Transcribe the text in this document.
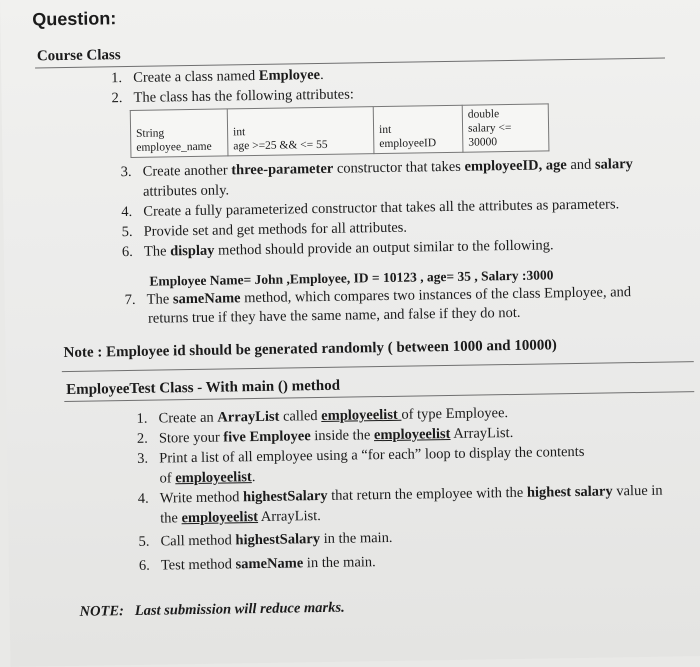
Question:
Course Class
1. Create a class named Employee.
2. The class has the following attributes:
String
employee_name

int
age >=25 && <= 55

int
employeeID

double
salary <=
30000
3. Create another three-parameter constructor that takes employeeID, age and salary
attributes only.
4. Create a fully parameterized constructor that takes all the attributes as parameters.
5. Provide set and get methods for all attributes.
6. The display method should provide an output similar to the following.
Employee Name= John ,Employee, ID = 10123 , age= 35 , Salary :3000
7. The sameName method, which compares two instances of the class Employee, and
returns true if they have the same name, and false if they do not.
Note : Employee id should be generated randomly ( between 1000 and 10000)
EmployeeTest Class - With main () method
1. Create an ArrayList called employeelist of type Employee.
2. Store your five Employee inside the employeelist ArrayList.
3. Print a list of all employee using a “for each” loop to display the contents
of employeelist.
4. Write method highestSalary that return the employee with the highest salary value in
the employeelist ArrayList.
5. Call method highestSalary in the main.
6. Test method sameName in the main.
NOTE:   Last submission will reduce marks.
